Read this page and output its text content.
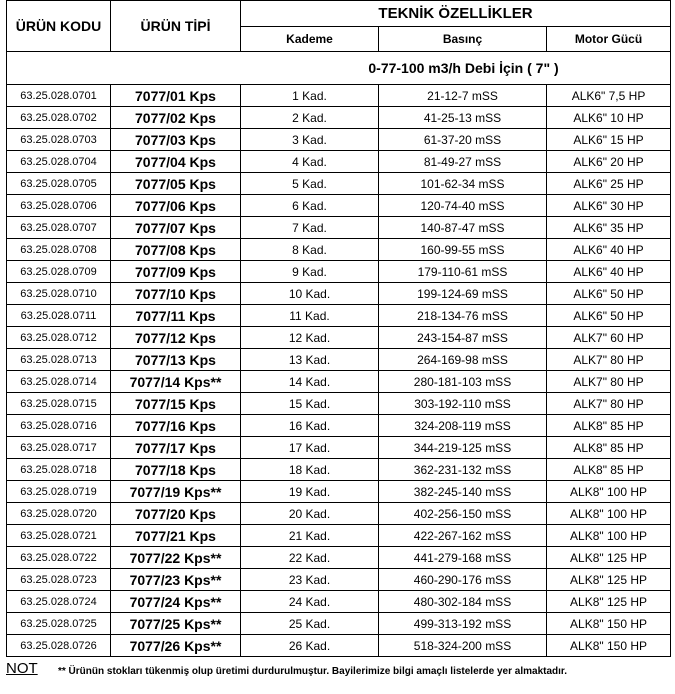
ÜRÜN KODU	ÜRÜN TİPİ	TEKNİK ÖZELLİKLER		
		Kademe	Basınç	Motor Gücü
0-77-100 m3/h Debi İçin ( 7" )				
63.25.028.0701	7077/01 Kps	1 Kad.	21-12-7 mSS	ALK6" 7,5 HP
63.25.028.0702	7077/02 Kps	2 Kad.	41-25-13 mSS	ALK6" 10 HP
63.25.028.0703	7077/03 Kps	3 Kad.	61-37-20 mSS	ALK6" 15 HP
63.25.028.0704	7077/04 Kps	4 Kad.	81-49-27 mSS	ALK6" 20 HP
63.25.028.0705	7077/05 Kps	5 Kad.	101-62-34 mSS	ALK6" 25 HP
63.25.028.0706	7077/06 Kps	6 Kad.	120-74-40 mSS	ALK6" 30 HP
63.25.028.0707	7077/07 Kps	7 Kad.	140-87-47 mSS	ALK6" 35 HP
63.25.028.0708	7077/08 Kps	8 Kad.	160-99-55 mSS	ALK6" 40 HP
63.25.028.0709	7077/09 Kps	9 Kad.	179-110-61 mSS	ALK6" 40 HP
63.25.028.0710	7077/10 Kps	10 Kad.	199-124-69 mSS	ALK6" 50 HP
63.25.028.0711	7077/11 Kps	11 Kad.	218-134-76 mSS	ALK6" 50 HP
63.25.028.0712	7077/12 Kps	12 Kad.	243-154-87 mSS	ALK7" 60 HP
63.25.028.0713	7077/13 Kps	13 Kad.	264-169-98 mSS	ALK7" 80 HP
63.25.028.0714	7077/14 Kps**	14 Kad.	280-181-103 mSS	ALK7" 80 HP
63.25.028.0715	7077/15 Kps	15 Kad.	303-192-110 mSS	ALK7" 80 HP
63.25.028.0716	7077/16 Kps	16 Kad.	324-208-119 mSS	ALK8" 85 HP
63.25.028.0717	7077/17 Kps	17 Kad.	344-219-125 mSS	ALK8" 85 HP
63.25.028.0718	7077/18 Kps	18 Kad.	362-231-132 mSS	ALK8" 85 HP
63.25.028.0719	7077/19 Kps**	19 Kad.	382-245-140 mSS	ALK8" 100 HP
63.25.028.0720	7077/20 Kps	20 Kad.	402-256-150 mSS	ALK8" 100 HP
63.25.028.0721	7077/21 Kps	21 Kad.	422-267-162 mSS	ALK8" 100 HP
63.25.028.0722	7077/22 Kps**	22 Kad.	441-279-168 mSS	ALK8" 125 HP
63.25.028.0723	7077/23 Kps**	23 Kad.	460-290-176 mSS	ALK8" 125 HP
63.25.028.0724	7077/24 Kps**	24 Kad.	480-302-184 mSS	ALK8" 125 HP
63.25.028.0725	7077/25 Kps**	25 Kad.	499-313-192 mSS	ALK8" 150 HP
63.25.028.0726	7077/26 Kps**	26 Kad.	518-324-200 mSS	ALK8" 150 HP
NOT ** Ürünün stokları tükenmiş olup üretimi durdurulmuştur. Bayilerimize bilgi amaçlı listelerde yer almaktadır.
